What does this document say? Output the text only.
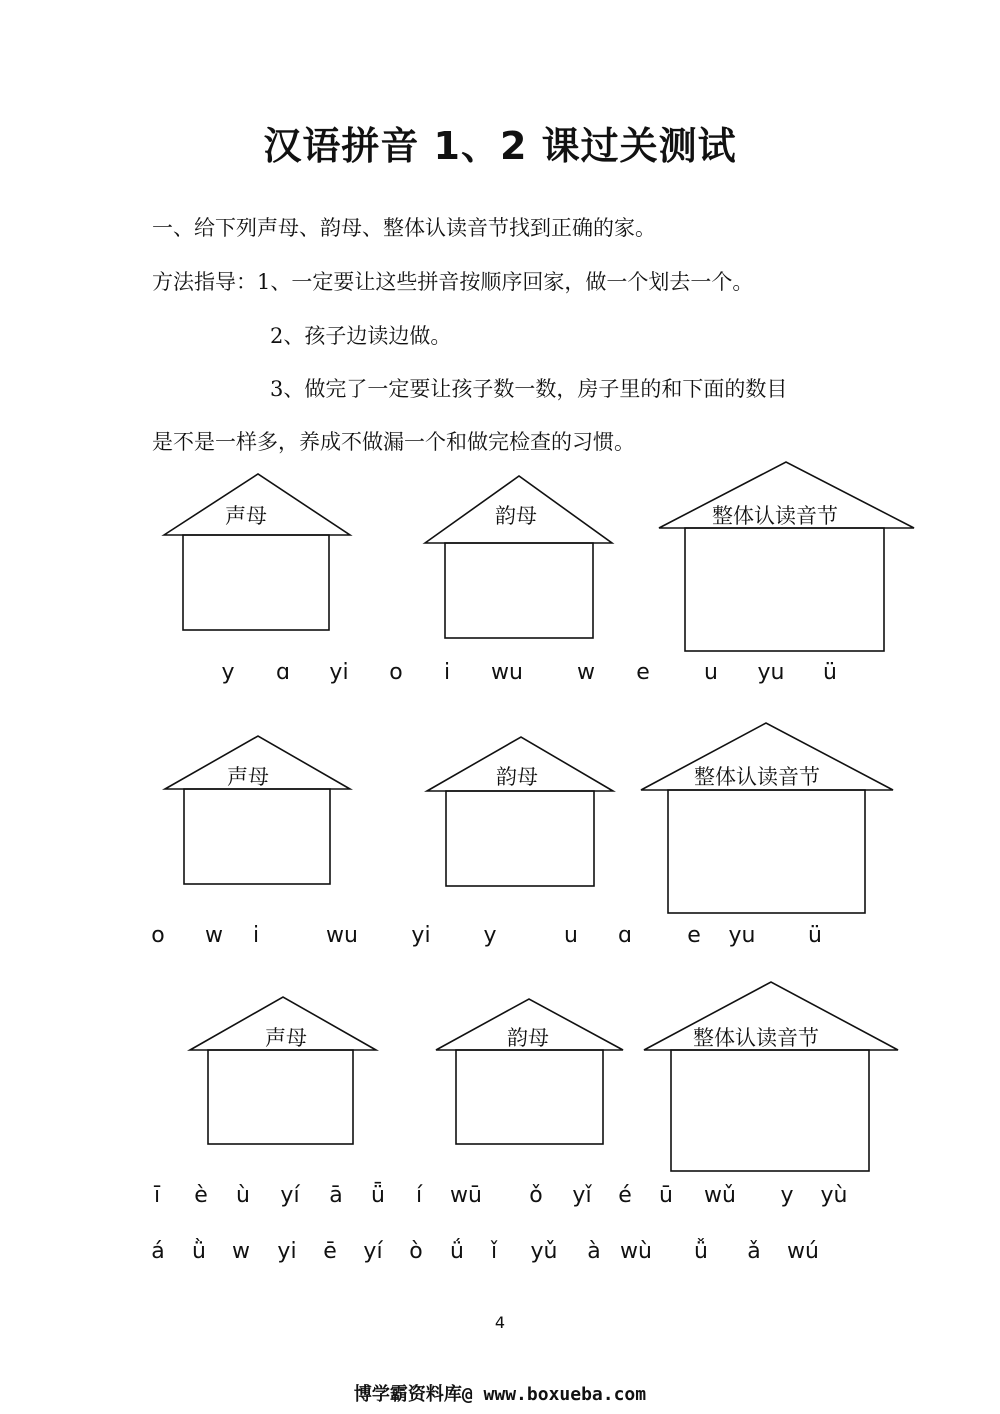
汉语拼音 1、2 课过关测试
一、给下列声母、韵母、整体认读音节找到正确的家。
方法指导：1、一定要让这些拼音按顺序回家，做一个划去一个。
2、孩子边读边做。
3、做完了一定要让孩子数一数，房子里的和下面的数目
是不是一样多，养成不做漏一个和做完检查的习惯。
声母	韵母	整体认读音节
声母	韵母	整体认读音节
声母	韵母	整体认读音节
y ɑ yi o i wu w e u yu ü
o w i	wu yi y	u ɑ	e yu ü
ī è ù yí ā ǖ í wū ǒ yǐ é ū wǔ y yù
á ǜ w yi ē yí ò ǘ ǐ yǔ à wù ǚ ǎ wú
4
博学霸资料库@ www.boxueba.com
